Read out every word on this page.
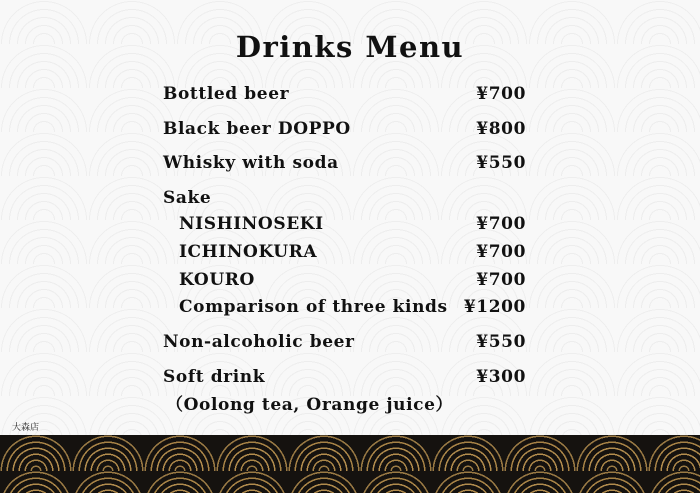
Drinks Menu
Bottled beer	¥700
Black beer DOPPO	¥800
Whisky with soda	¥550
Sake
NISHINOSEKI	¥700
ICHINOKURA	¥700
KOURO	¥700
Comparison of three kinds ¥1200
Non-alcoholic beer	¥550
Soft drink	¥300
（Oolong tea, Orange juice）
大森店
